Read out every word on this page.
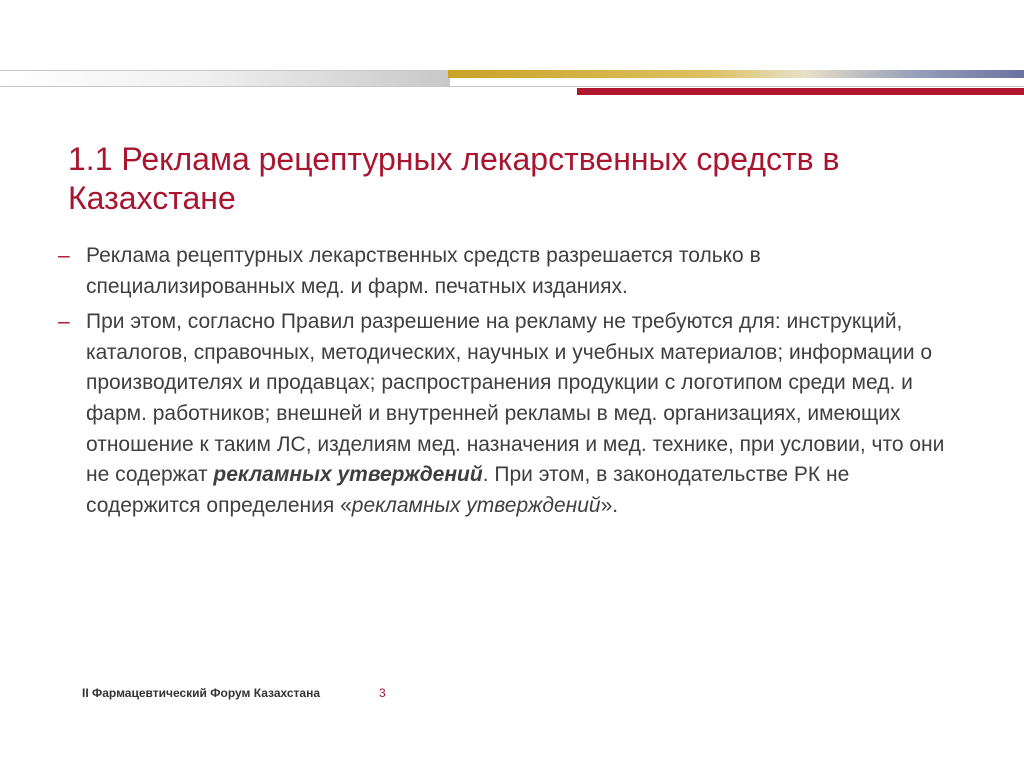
1.1 Реклама рецептурных лекарственных средств в Казахстане
– Реклама рецептурных лекарственных средств разрешается только в специализированных мед. и фарм. печатных изданиях.
– При этом, согласно Правил разрешение на рекламу не требуются для: инструкций, каталогов, справочных, методических, научных и учебных материалов; информации о производителях и продавцах; распространения продукции с логотипом среди мед. и фарм. работников; внешней и внутренней рекламы в мед. организациях, имеющих отношение к таким ЛС, изделиям мед. назначения и мед. технике, при условии, что они не содержат рекламных утверждений. При этом, в законодательстве РК не содержится определения «рекламных утверждений».
II Фармацевтический Форум Казахстана	3
